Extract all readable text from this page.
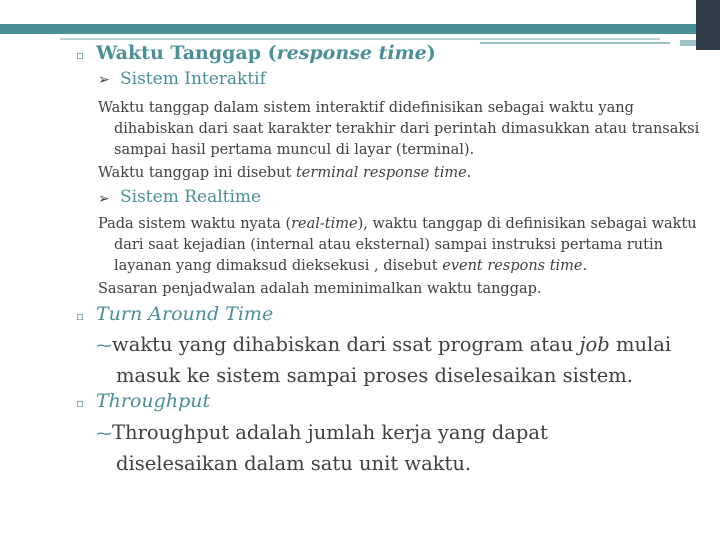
▫ Waktu Tanggap (response time)
➢ Sistem Interaktif
Waktu tanggap dalam sistem interaktif didefinisikan sebagai waktu yang
dihabiskan dari saat karakter terakhir dari perintah dimasukkan atau transaksi
sampai hasil pertama muncul di layar (terminal).
Waktu tanggap ini disebut terminal response time.
➢ Sistem Realtime
Pada sistem waktu nyata (real-time), waktu tanggap di definisikan sebagai waktu
dari saat kejadian (internal atau eksternal) sampai instruksi pertama rutin
layanan yang dimaksud dieksekusi , disebut event respons time.
Sasaran penjadwalan adalah meminimalkan waktu tanggap.
▫ Turn Around Time
⁓waktu yang dihabiskan dari ssat program atau job mulai
masuk ke sistem sampai proses diselesaikan sistem.
▫ Throughput
⁓Throughput adalah jumlah kerja yang dapat
diselesaikan dalam satu unit waktu.
